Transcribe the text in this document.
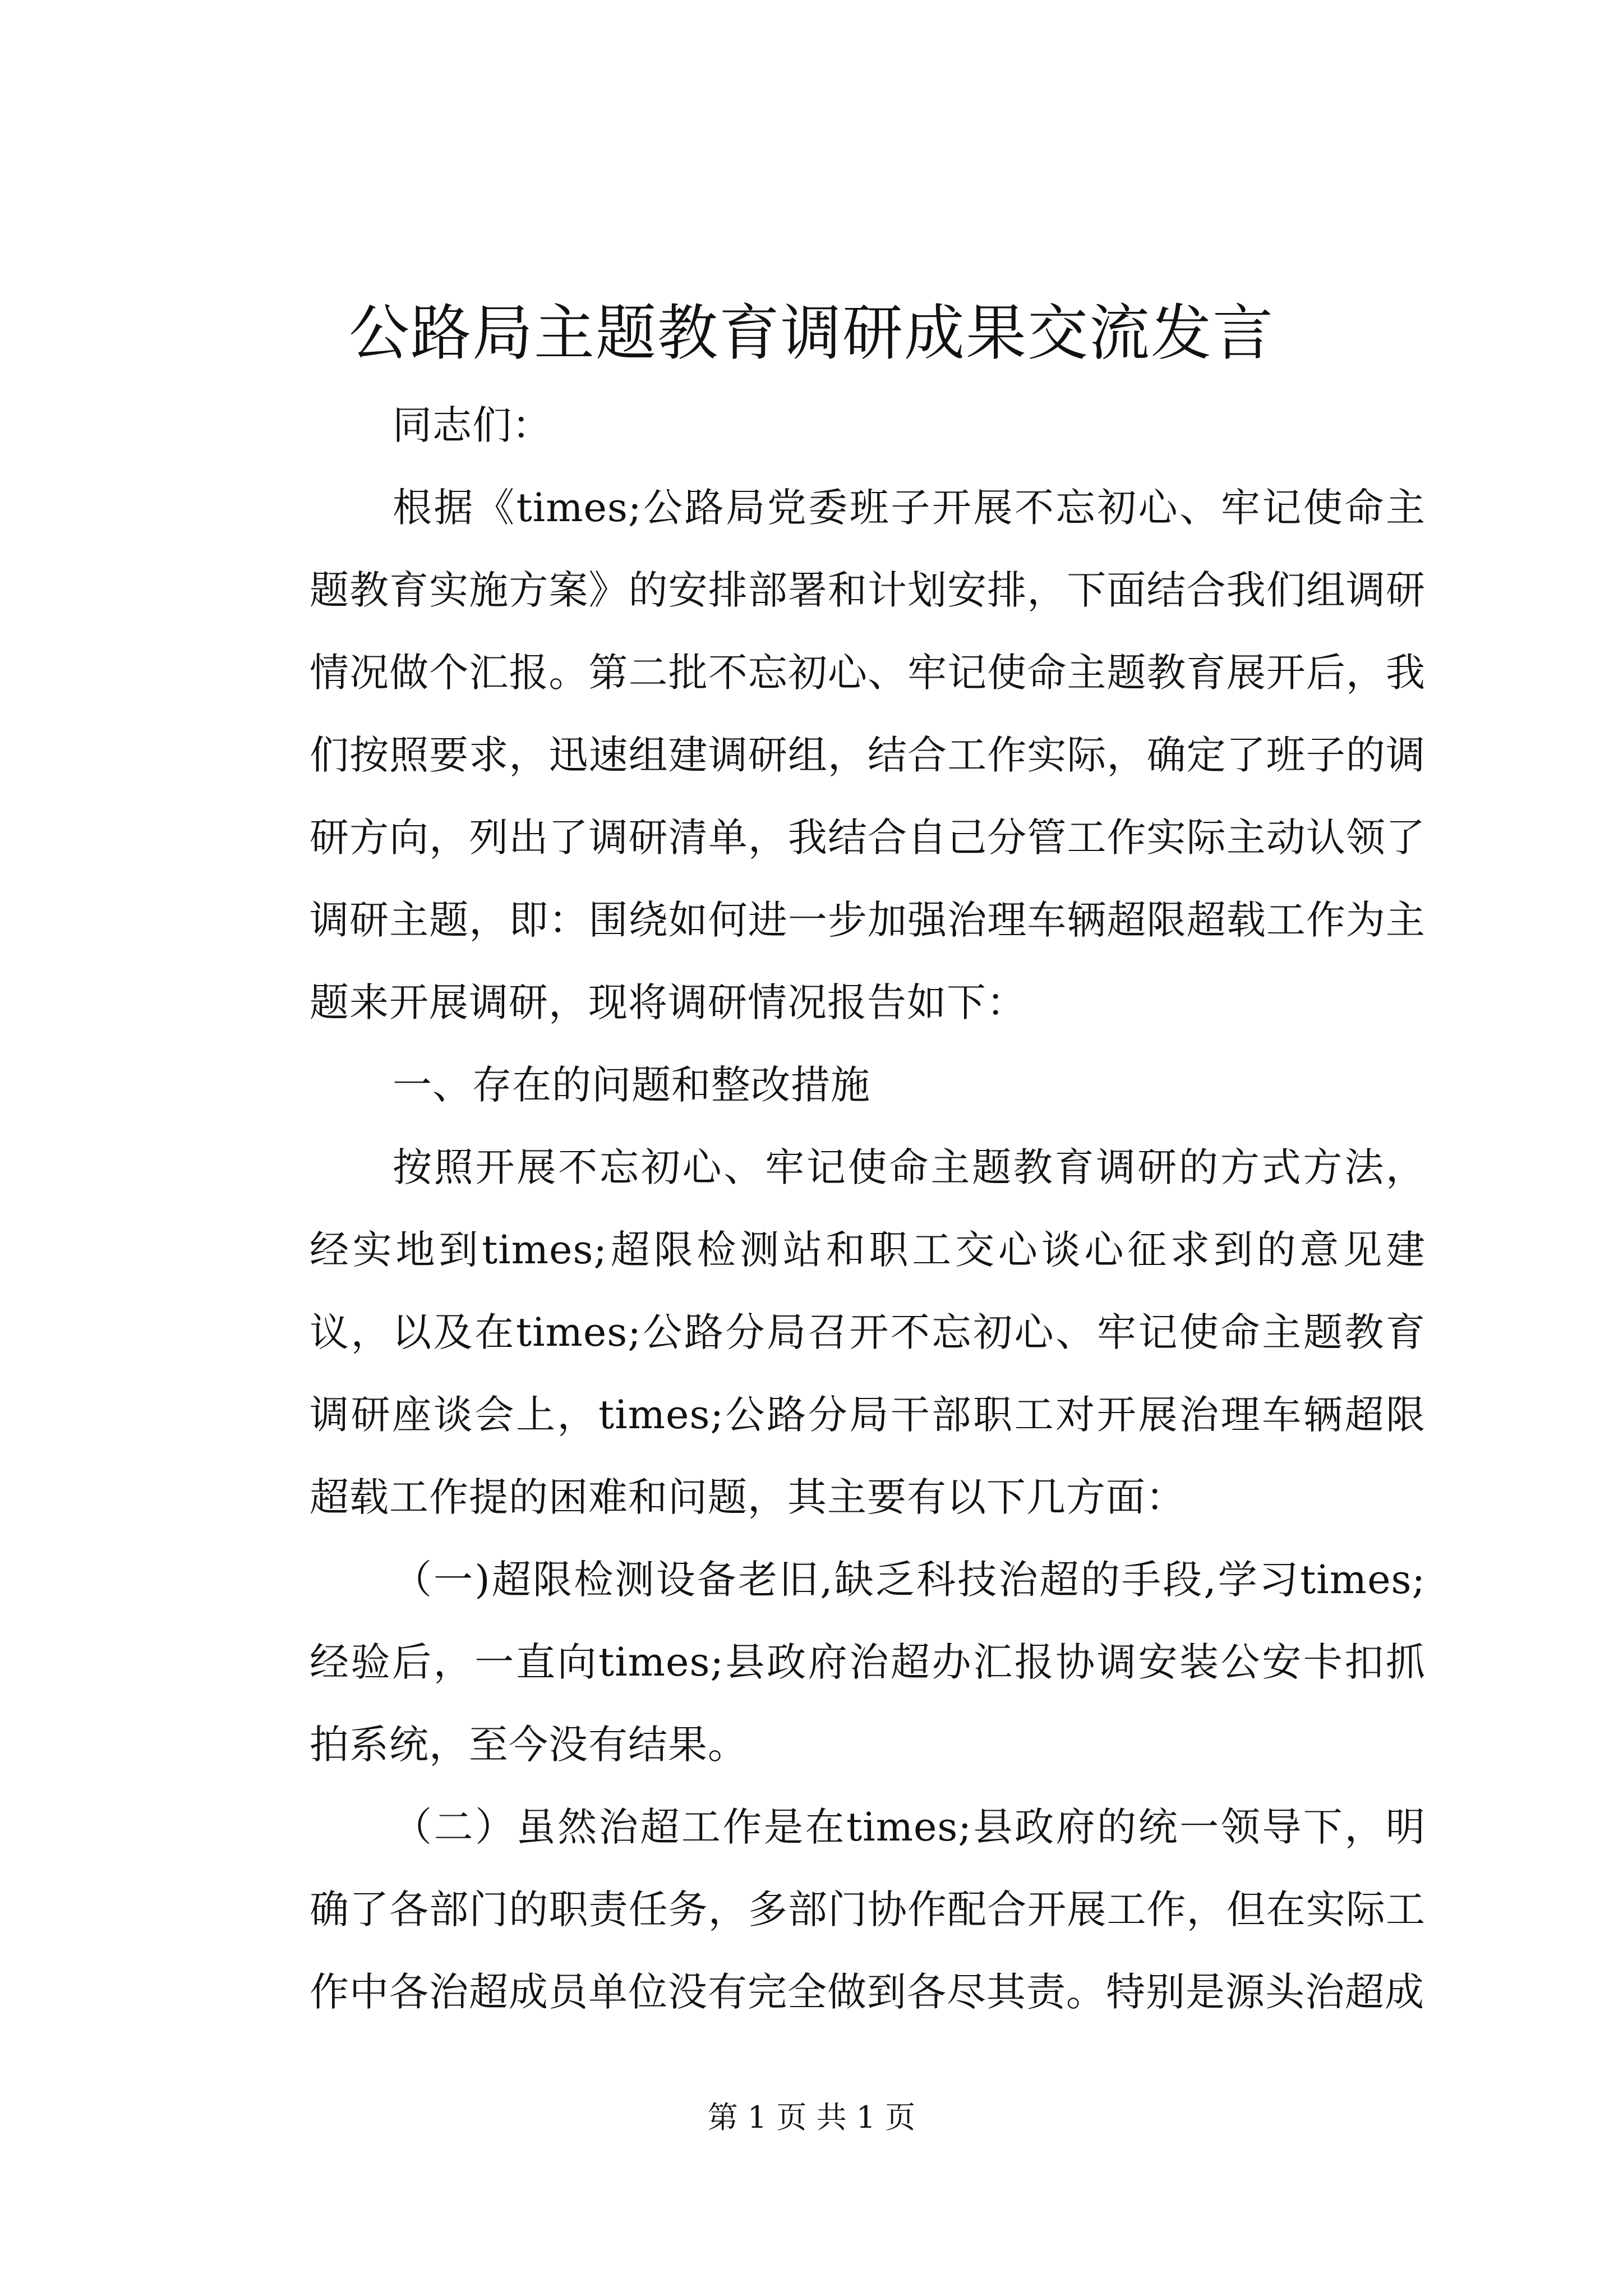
公路局主题教育调研成果交流发言

同志们：

根据《times;公路局党委班子开展不忘初心、牢记使命主题教育实施方案》的安排部署和计划安排，下面结合我们组调研情况做个汇报。第二批不忘初心、牢记使命主题教育展开后，我们按照要求，迅速组建调研组，结合工作实际，确定了班子的调研方向，列出了调研清单，我结合自己分管工作实际主动认领了调研主题，即：围绕如何进一步加强治理车辆超限超载工作为主题来开展调研，现将调研情况报告如下：

一、存在的问题和整改措施

按照开展不忘初心、牢记使命主题教育调研的方式方法，经实地到times;超限检测站和职工交心谈心征求到的意见建议，以及在times;公路分局召开不忘初心、牢记使命主题教育调研座谈会上，times;公路分局干部职工对开展治理车辆超限超载工作提的困难和问题，其主要有以下几方面：

（一)超限检测设备老旧,缺乏科技治超的手段,学习times;经验后，一直向times;县政府治超办汇报协调安装公安卡扣抓拍系统，至今没有结果。

（二）虽然治超工作是在times;县政府的统一领导下，明确了各部门的职责任务，多部门协作配合开展工作，但在实际工作中各治超成员单位没有完全做到各尽其责。特别是源头治超成

第 1 页 共 1 页
